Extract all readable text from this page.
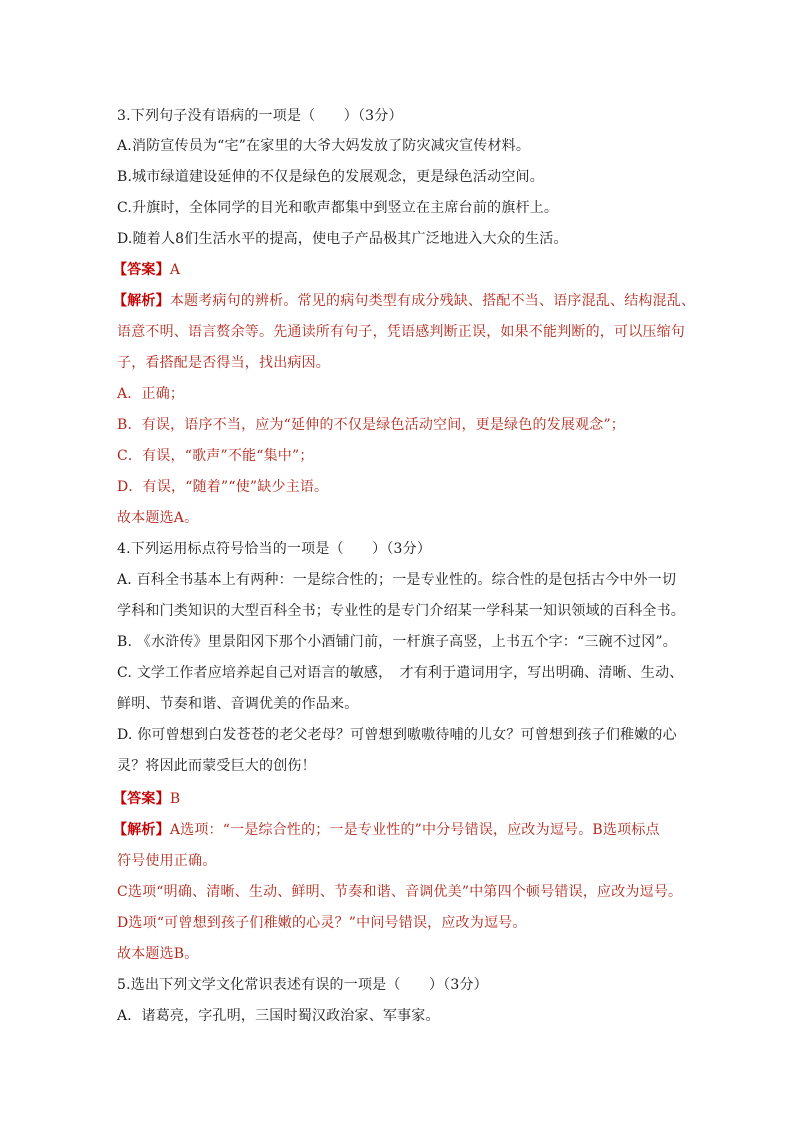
3.下列句子没有语病的一项是（　　）（3分）
A.消防宣传员为“宅”在家里的大爷大妈发放了防灾减灾宣传材料。
B.城市绿道建设延伸的不仅是绿色的发展观念，更是绿色活动空间。
C.升旗时，全体同学的目光和歌声都集中到竖立在主席台前的旗杆上。
D.随着人8们生活水平的提高，使电子产品极其广泛地进入大众的生活。
【答案】A
【解析】本题考病句的辨析。常见的病句类型有成分残缺、搭配不当、语序混乱、结构混乱、
语意不明、语言赘余等。先通读所有句子，凭语感判断正误，如果不能判断的，可以压缩句
子，看搭配是否得当，找出病因。
A．正确；
B．有误，语序不当，应为“延伸的不仅是绿色活动空间，更是绿色的发展观念”；
C．有误，“歌声”不能“集中”；
D．有误，“随着”“使”缺少主语。
故本题选A。
4.下列运用标点符号恰当的一项是（　　）（3分）
A. 百科全书基本上有两种：一是综合性的；一是专业性的。综合性的是包括古今中外一切
学科和门类知识的大型百科全书；专业性的是专门介绍某一学科某一知识领域的百科全书。
B. 《水浒传》里景阳冈下那个小酒铺门前，一杆旗子高竖，上书五个字：“三碗不过冈”。
C. 文学工作者应培养起自己对语言的敏感，　才有利于遣词用字，写出明确、清晰、生动、
鲜明、节奏和谐、音调优美的作品来。
D. 你可曾想到白发苍苍的老父老母？可曾想到嗷嗷待哺的儿女？可曾想到孩子们稚嫩的心
灵？将因此而蒙受巨大的创伤！
【答案】B
【解析】A选项：“一是综合性的；一是专业性的”中分号错误，应改为逗号。B选项标点
符号使用正确。
C选项“明确、清晰、生动、鲜明、节奏和谐、音调优美”中第四个顿号错误，应改为逗号。
D选项“可曾想到孩子们稚嫩的心灵？”中问号错误，应改为逗号。
故本题选B。
5.选出下列文学文化常识表述有误的一项是（　　）（3分）
A．诸葛亮，字孔明，三国时蜀汉政治家、军事家。
